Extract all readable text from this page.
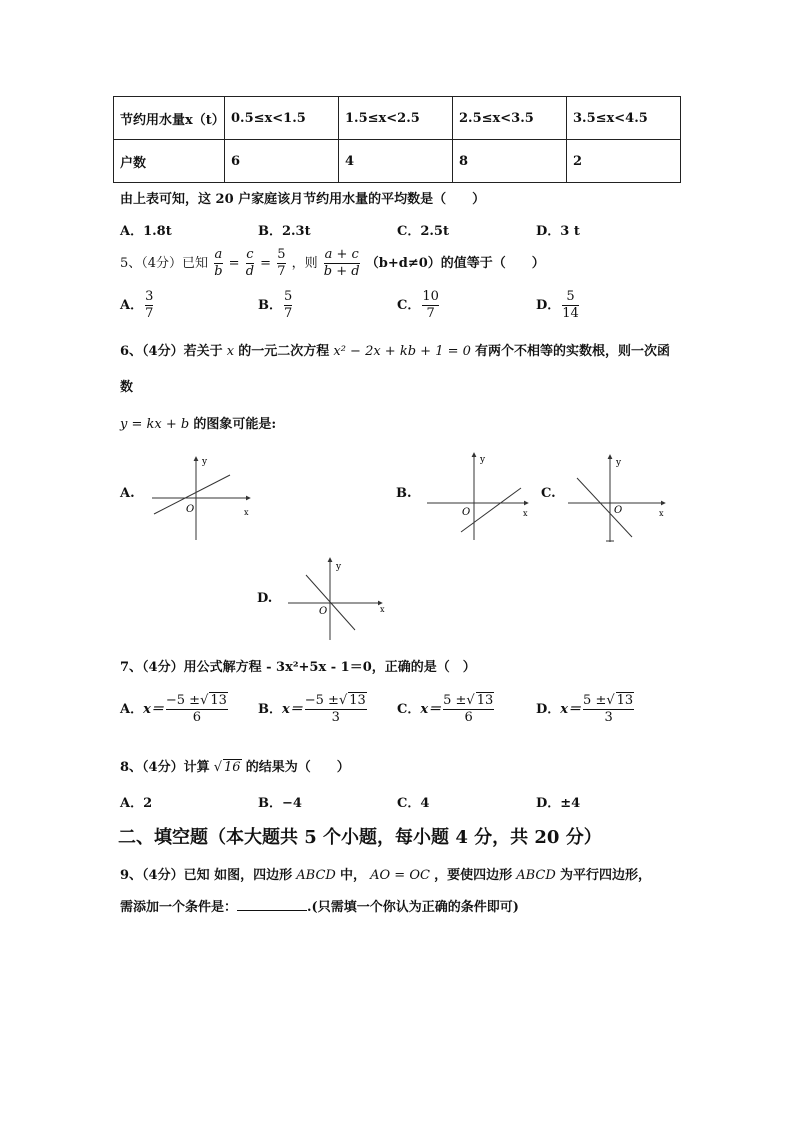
节约用水量x（t）	0.5≤x<1.5	1.5≤x<2.5	2.5≤x<3.5	3.5≤x<4.5
户数	6	4	8	2
由上表可知，这 20 户家庭该月节约用水量的平均数是（　　）
A．1.8t	B．2.3t	C．2.5t	D．3 t
5、（4分）已知 $\frac{a}{b} = \frac{c}{d} = \frac{5}{7}$ ，则 $\frac{a + c}{b + d} (b+d\ne 0)$的值等于（　　）
A． $\frac{3}{7}$	B． $\frac{5}{7}$	C． $\frac{10}{7}$	D． $\frac{5}{14}$
6、（4分）若关于 x 的一元二次方程 x² − 2x + kb + 1 = 0 有两个不相等的实数根，则一次函
数
y = kx + b 的图象可能是:
A.	B.	C.
D.
y
x
O
y
x
O
y
x
O
y
x
O
7、（4分）用公式解方程 - 3x²+5x - 1＝0，正确的是（　）
A．$x= \frac{-5 \pm√ 13}{6}$ B．$x= \frac{-5 \pm√ 13}{3}$ C．$x= \frac{5 \pm√ 13}{6}$	D．$x= \frac{5 \pm√ 13}{3}$
8、（4分）计算 √ 16 的结果为（　　）
A．2	B．−4	C．4	D．±4
二、填空题（本大题共 5 个小题，每小题 4 分，共 20 分）
9、（4分）已知 如图，四边形 ABCD 中， AO = OC ，要使四边形 ABCD 为平行四边形，
需添加一个条件是：	.(只需填一个你认为正确的条件即可)
